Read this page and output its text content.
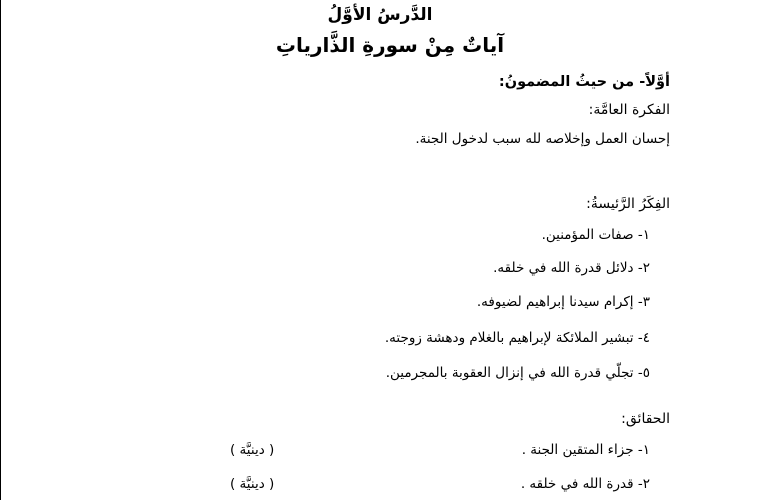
الدَّرسُ الأوَّلُ
آياتٌ مِنْ سورةِ الذَّارياتِ

أوَّلاً- من حيثُ المضمونُ:

الفكرة العامَّة:

إحسان العمل وإخلاصه لله سبب لدخول الجنة.

الفِكَرُ الرَّئيسةُ:

١- صفات المؤمنين.

٢- دلائل قدرة الله في خلقه.

٣- إكرام سيدنا إبراهيم لضيوفه.

٤- تبشير الملائكة لإبراهيم بالغلام ودهشة زوجته.

٥- تجلّي قدرة الله في إنزال العقوبة بالمجرمين.

الحقائق:

١- جزاء المتقين الجنة .
( دينيَّة )
٢- قدرة الله في خلقه .
( دينيَّة )
